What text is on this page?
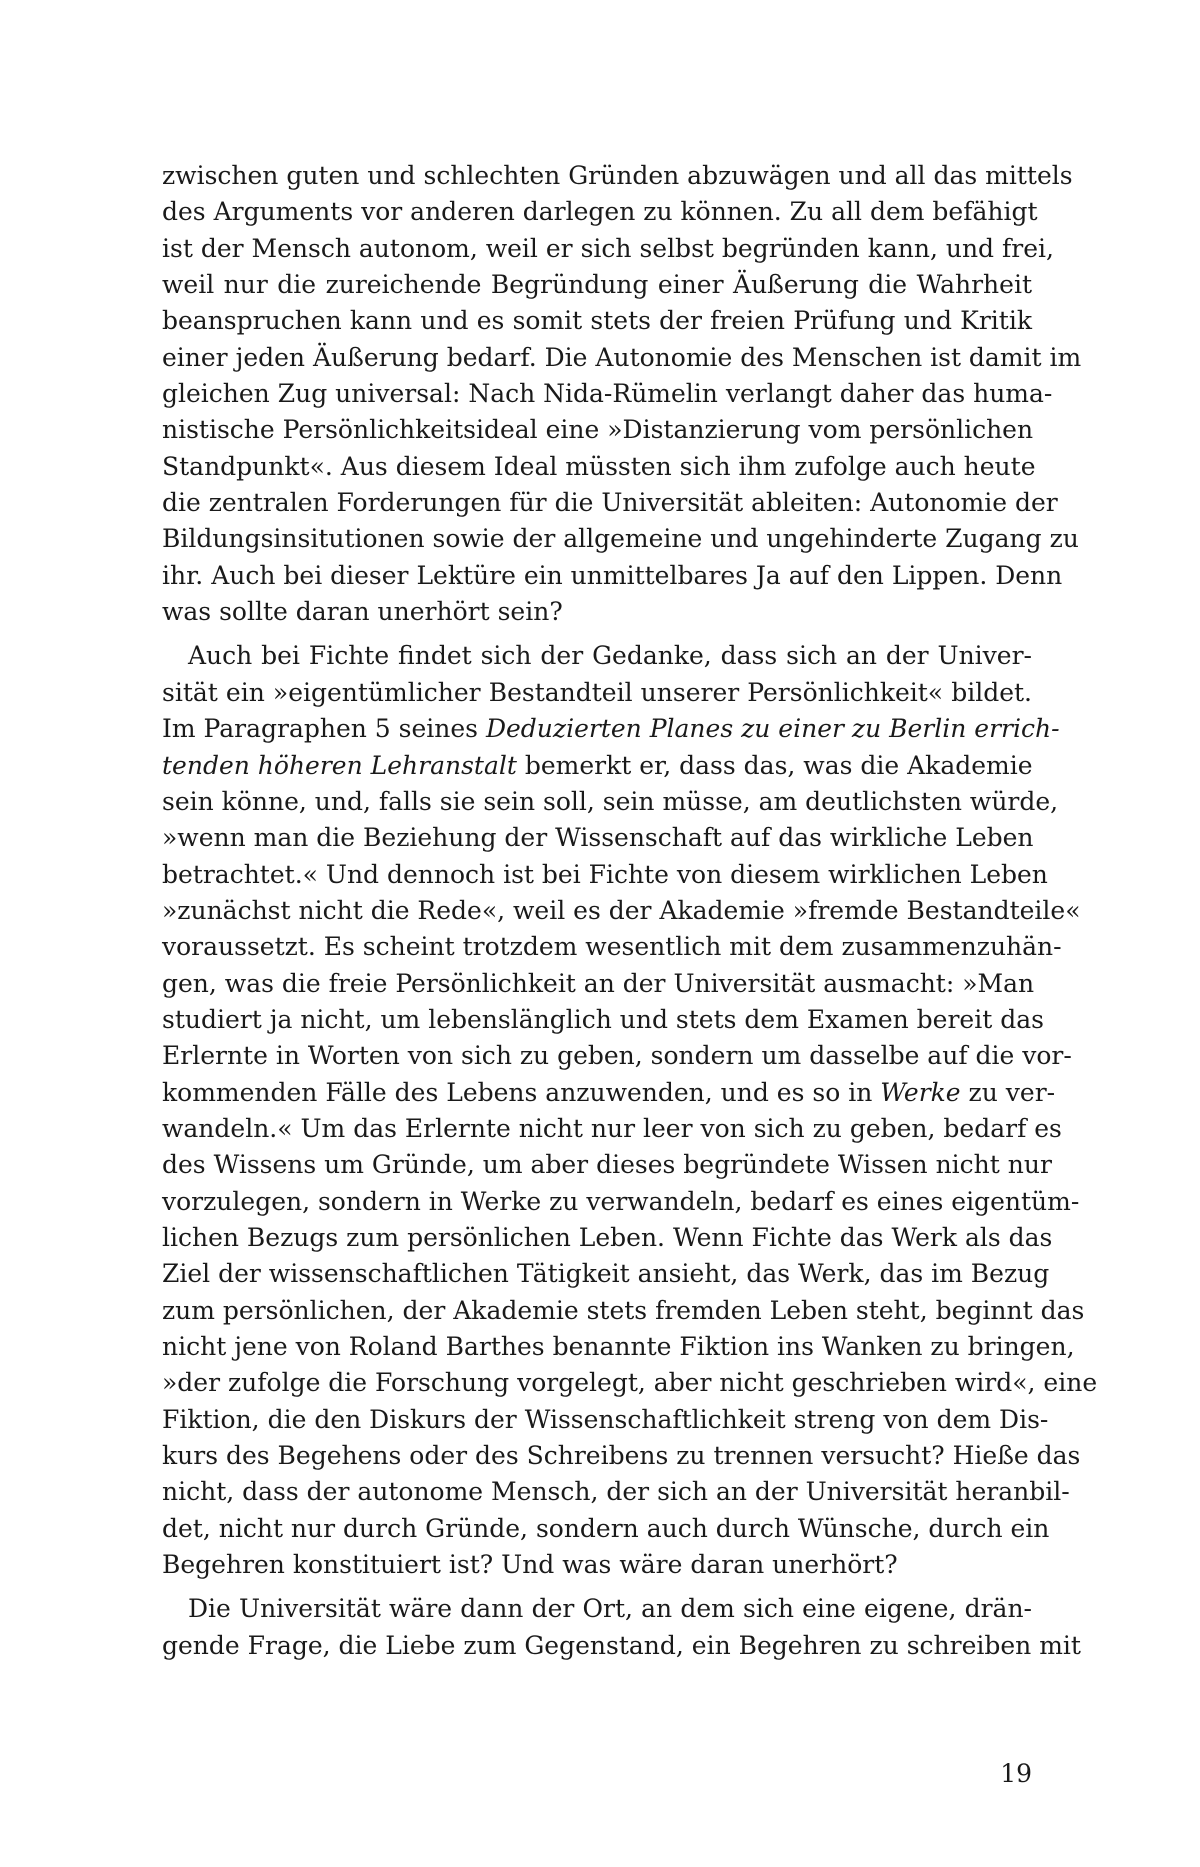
zwischen guten und schlechten Gründen abzuwägen und all das mittels
des Arguments vor anderen darlegen zu können. Zu all dem befähigt
ist der Mensch autonom, weil er sich selbst begründen kann, und frei,
weil nur die zureichende Begründung einer Äußerung die Wahrheit
beanspruchen kann und es somit stets der freien Prüfung und Kritik
einer jeden Äußerung bedarf. Die Autonomie des Menschen ist damit im
gleichen Zug universal: Nach Nida-Rümelin verlangt daher das huma-
nistische Persönlichkeitsideal eine »Distanzierung vom persönlichen
Standpunkt«. Aus diesem Ideal müssten sich ihm zufolge auch heute
die zentralen Forderungen für die Universität ableiten: Autonomie der
Bildungsinsitutionen sowie der allgemeine und ungehinderte Zugang zu
ihr. Auch bei dieser Lektüre ein unmittelbares Ja auf den Lippen. Denn
was sollte daran unerhört sein?
Auch bei Fichte findet sich der Gedanke, dass sich an der Univer-
sität ein »eigentümlicher Bestandteil unserer Persönlichkeit« bildet.
Im Paragraphen 5 seines Deduzierten Planes zu einer zu Berlin errich-
tenden höheren Lehranstalt bemerkt er, dass das, was die Akademie
sein könne, und, falls sie sein soll, sein müsse, am deutlichsten würde,
»wenn man die Beziehung der Wissenschaft auf das wirkliche Leben
betrachtet.« Und dennoch ist bei Fichte von diesem wirklichen Leben
»zunächst nicht die Rede«, weil es der Akademie »fremde Bestandteile«
voraussetzt. Es scheint trotzdem wesentlich mit dem zusammenzuhän-
gen, was die freie Persönlichkeit an der Universität ausmacht: »Man
studiert ja nicht, um lebenslänglich und stets dem Examen bereit das
Erlernte in Worten von sich zu geben, sondern um dasselbe auf die vor-
kommenden Fälle des Lebens anzuwenden, und es so in Werke zu ver-
wandeln.« Um das Erlernte nicht nur leer von sich zu geben, bedarf es
des Wissens um Gründe, um aber dieses begründete Wissen nicht nur
vorzulegen, sondern in Werke zu verwandeln, bedarf es eines eigentüm-
lichen Bezugs zum persönlichen Leben. Wenn Fichte das Werk als das
Ziel der wissenschaftlichen Tätigkeit ansieht, das Werk, das im Bezug
zum persönlichen, der Akademie stets fremden Leben steht, beginnt das
nicht jene von Roland Barthes benannte Fiktion ins Wanken zu bringen,
»der zufolge die Forschung vorgelegt, aber nicht geschrieben wird«, eine
Fiktion, die den Diskurs der Wissenschaftlichkeit streng von dem Dis-
kurs des Begehens oder des Schreibens zu trennen versucht? Hieße das
nicht, dass der autonome Mensch, der sich an der Universität heranbil-
det, nicht nur durch Gründe, sondern auch durch Wünsche, durch ein
Begehren konstituiert ist? Und was wäre daran unerhört?
Die Universität wäre dann der Ort, an dem sich eine eigene, drän-
gende Frage, die Liebe zum Gegenstand, ein Begehren zu schreiben mit
19
